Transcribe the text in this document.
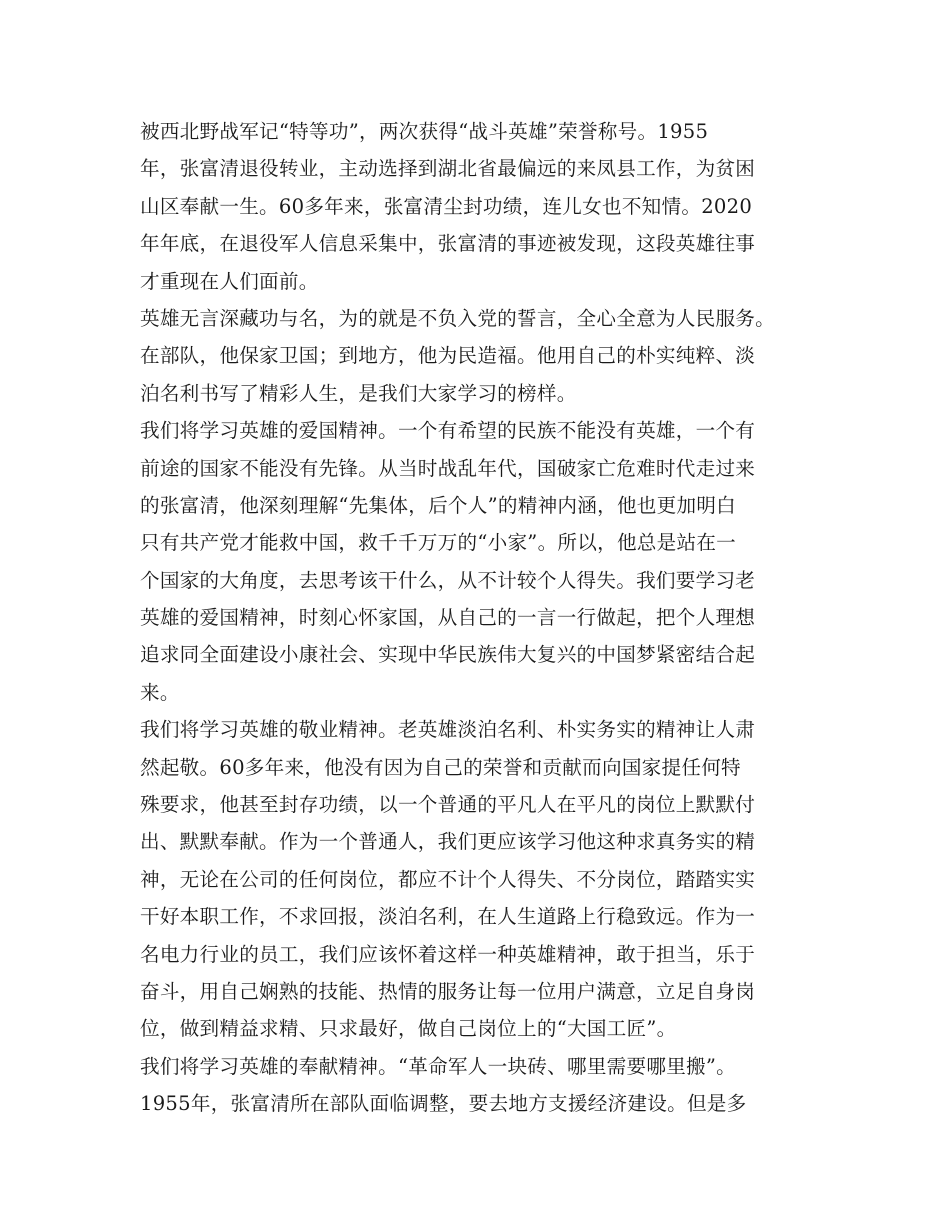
被西北野战军记“特等功”，两次获得“战斗英雄”荣誉称号。1955
年，张富清退役转业，主动选择到湖北省最偏远的来凤县工作，为贫困
山区奉献一生。60多年来，张富清尘封功绩，连儿女也不知情。2020
年年底，在退役军人信息采集中，张富清的事迹被发现，这段英雄往事
才重现在人们面前。
英雄无言深藏功与名，为的就是不负入党的誓言，全心全意为人民服务。
在部队，他保家卫国；到地方，他为民造福。他用自己的朴实纯粹、淡
泊名利书写了精彩人生，是我们大家学习的榜样。
我们将学习英雄的爱国精神。一个有希望的民族不能没有英雄，一个有
前途的国家不能没有先锋。从当时战乱年代，国破家亡危难时代走过来
的张富清，他深刻理解“先集体，后个人”的精神内涵，他也更加明白
只有共产党才能救中国，救千千万万的“小家”。所以，他总是站在一
个国家的大角度，去思考该干什么，从不计较个人得失。我们要学习老
英雄的爱国精神，时刻心怀家国，从自己的一言一行做起，把个人理想
追求同全面建设小康社会、实现中华民族伟大复兴的中国梦紧密结合起
来。
我们将学习英雄的敬业精神。老英雄淡泊名利、朴实务实的精神让人肃
然起敬。60多年来，他没有因为自己的荣誉和贡献而向国家提任何特
殊要求，他甚至封存功绩，以一个普通的平凡人在平凡的岗位上默默付
出、默默奉献。作为一个普通人，我们更应该学习他这种求真务实的精
神，无论在公司的任何岗位，都应不计个人得失、不分岗位，踏踏实实
干好本职工作，不求回报，淡泊名利，在人生道路上行稳致远。作为一
名电力行业的员工，我们应该怀着这样一种英雄精神，敢于担当，乐于
奋斗，用自己娴熟的技能、热情的服务让每一位用户满意，立足自身岗
位，做到精益求精、只求最好，做自己岗位上的“大国工匠”。
我们将学习英雄的奉献精神。“革命军人一块砖、哪里需要哪里搬”。
1955年，张富清所在部队面临调整，要去地方支援经济建设。但是多
